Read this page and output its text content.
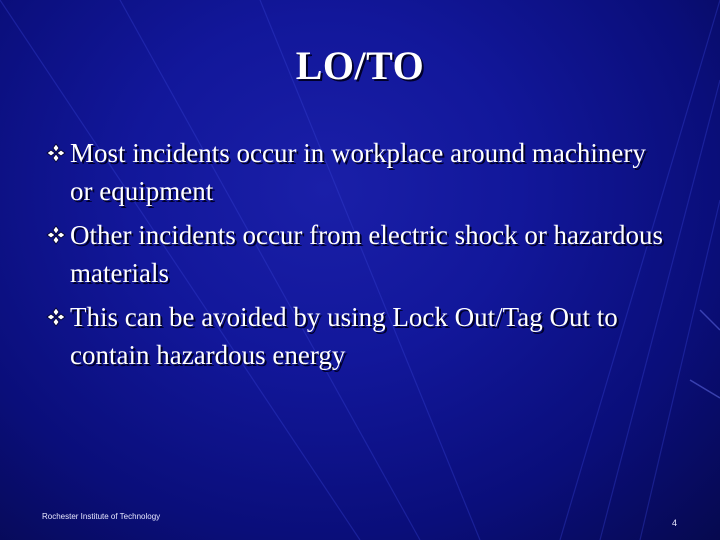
LO/TO
Most incidents occur in workplace around machinery or equipment
Other incidents occur from electric shock or hazardous materials
This can be avoided by using Lock Out/Tag Out to contain hazardous energy
Rochester Institute of Technology
4
